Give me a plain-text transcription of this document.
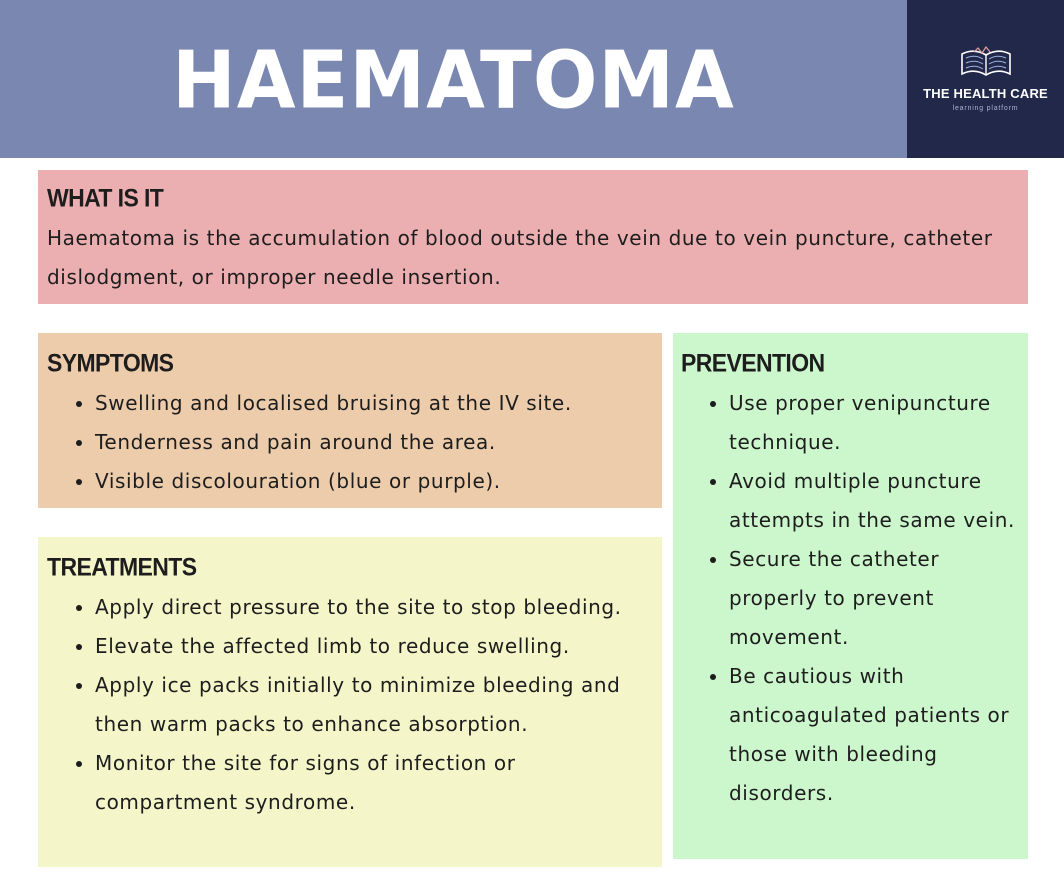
HAEMATOMA	THE HEALTH CARE
learning platform
WHAT IS IT

Haematoma is the accumulation of blood outside the vein due to vein puncture, catheter dislodgment, or improper needle insertion.

SYMPTOMS
• Swelling and localised bruising at the IV site.
• Tenderness and pain around the area.
• Visible discolouration (blue or purple).
TREATMENTS
• Apply direct pressure to the site to stop bleeding.
• Elevate the affected limb to reduce swelling.
• Apply ice packs initially to minimize bleeding and then warm packs to enhance absorption.
• Monitor the site for signs of infection or compartment syndrome.
PREVENTION
• Use proper venipuncture technique.
• Avoid multiple puncture attempts in the same vein.
• Secure the catheter properly to prevent movement.
• Be cautious with anticoagulated patients or those with bleeding disorders.
